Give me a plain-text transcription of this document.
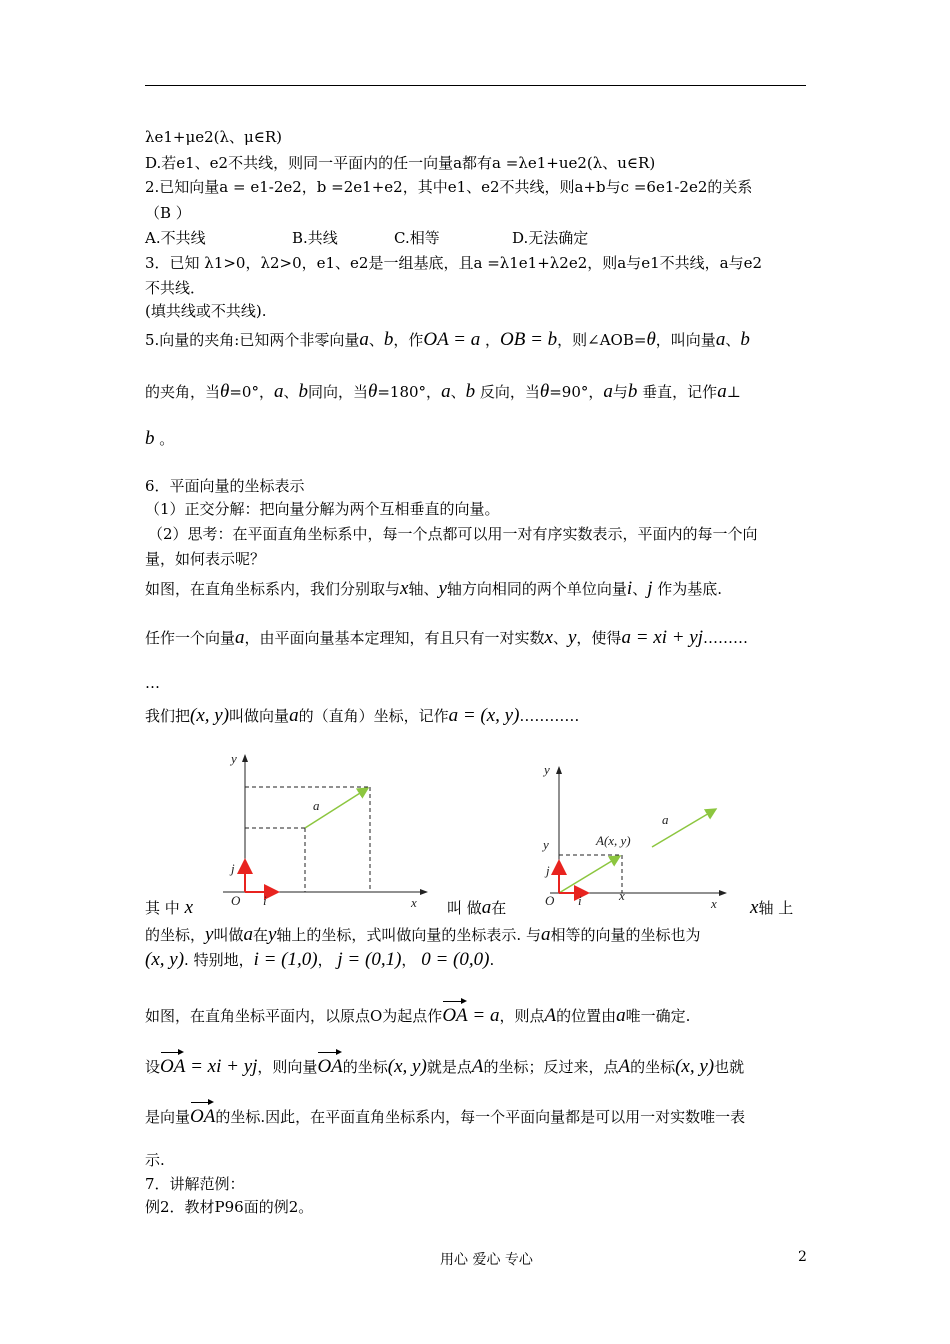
λe1+μe2(λ、μ∈R)
D.若e1、e2不共线，则同一平面内的任一向量a都有a =λe1+ue2(λ、u∈R)
2.已知向量a = e1-2e2，b =2e1+e2，其中e1、e2不共线，则a+b与c =6e1-2e2的关系
（B ）
A.不共线	B.共线	C.相等	D.无法确定
3．已知 λ1>0，λ2>0，e1、e2是一组基底，且a =λ1e1+λ2e2，则a与e1不共线，a与e2
不共线．
(填共线或不共线).
5.向量的夹角:已知两个非零向量a、b，作OA = a ，OB = b，则∠AOB=θ，叫向量a、b
的夹角，当θ=0°，a、b同向，当θ=180°，a、b 反向，当θ=90°，a与b 垂直，记作a⊥
b 。
6．平面向量的坐标表示
（1）正交分解：把向量分解为两个互相垂直的向量。
（2）思考：在平面直角坐标系中，每一个点都可以用一对有序实数表示，平面内的每一个向
量，如何表示呢？
如图，在直角坐标系内，我们分别取与x轴、y轴方向相同的两个单位向量i、j 作为基底.
任作一个向量a，由平面向量基本定理知，有且只有一对实数x、y，使得a = xi + yj………
…
我们把(x, y)叫做向量a的（直角）坐标，记作a = (x, y)…………
y
x
O i
j
a
y
x
y
x
O i
j
A(x, y)
a
其 中 x	叫 做a在	x轴 上
的坐标，y叫做a在y轴上的坐标，式叫做向量的坐标表示. 与a相等的向量的坐标也为
(x, y). 特别地，i = (1,0)， j = (0,1)， 0 = (0,0).
如图，在直角坐标平面内，以原点O为起点作OA = a，则点A的位置由a唯一确定.
设OA = xi + yj，则向量OA的坐标(x, y)就是点A的坐标；反过来，点A的坐标(x, y)也就
是向量OA的坐标.因此，在平面直角坐标系内，每一个平面向量都是可以用一对实数唯一表
示.
7．讲解范例：
例2．教材P96面的例2。
用心 爱心 专心	2
